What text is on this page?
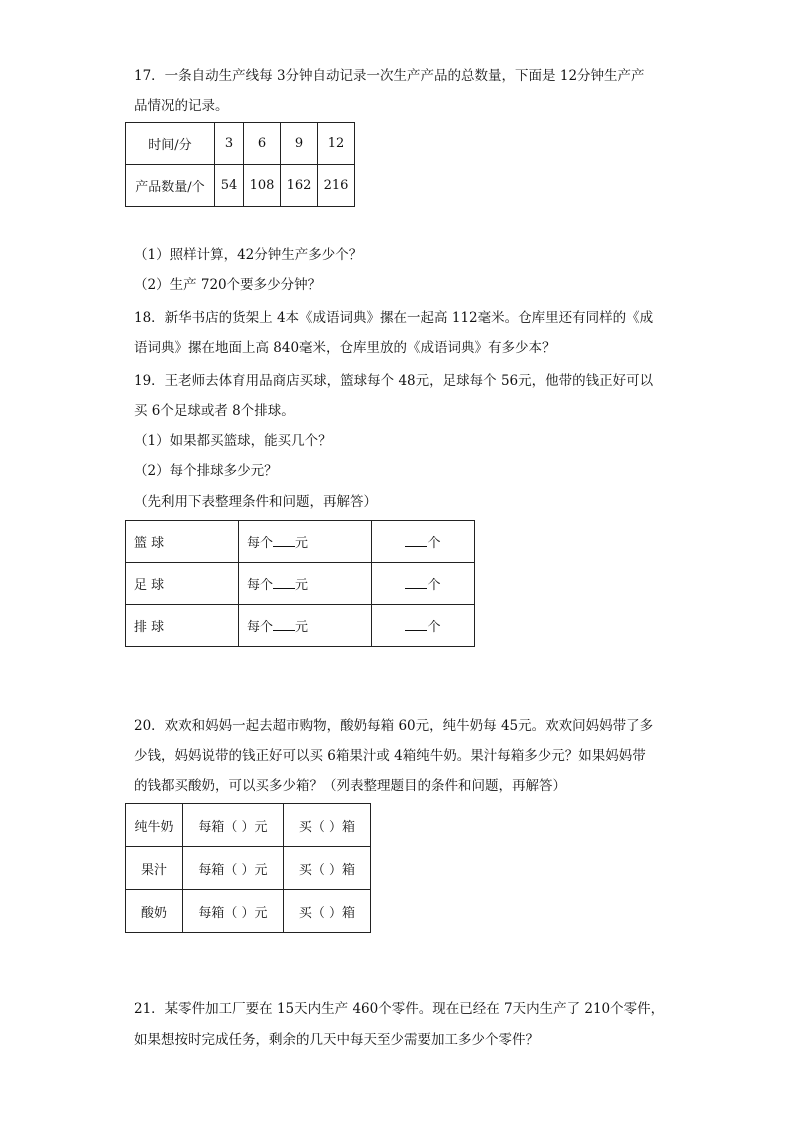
17．一条自动生产线每 3分钟自动记录一次生产产品的总数量，下面是 12分钟生产产
品情况的记录。
时间/分	3	6	9	12
产品数量/个	54	108	162	216
（1）照样计算，42分钟生产多少个？
（2）生产 720个要多少分钟？
18．新华书店的货架上 4本《成语词典》摞在一起高 112毫米。仓库里还有同样的《成
语词典》摞在地面上高 840毫米，仓库里放的《成语词典》有多少本？
19．王老师去体育用品商店买球，篮球每个 48元，足球每个 56元，他带的钱正好可以
买 6个足球或者 8个排球。
（1）如果都买篮球，能买几个？
（2）每个排球多少元？
（先利用下表整理条件和问题，再解答）
篮 球	每个 元	个
足 球	每个 元	个
排 球	每个 元	个
20．欢欢和妈妈一起去超市购物，酸奶每箱 60元，纯牛奶每 45元。欢欢问妈妈带了多
少钱，妈妈说带的钱正好可以买 6箱果汁或 4箱纯牛奶。果汁每箱多少元？如果妈妈带
的钱都买酸奶，可以买多少箱？（列表整理题目的条件和问题，再解答）
纯牛奶	每箱（ ）元	买（ ）箱
果汁	每箱（ ）元	买（ ）箱
酸奶	每箱（ ）元	买（ ）箱
21．某零件加工厂要在 15天内生产 460个零件。现在已经在 7天内生产了 210个零件，
如果想按时完成任务，剩余的几天中每天至少需要加工多少个零件？
